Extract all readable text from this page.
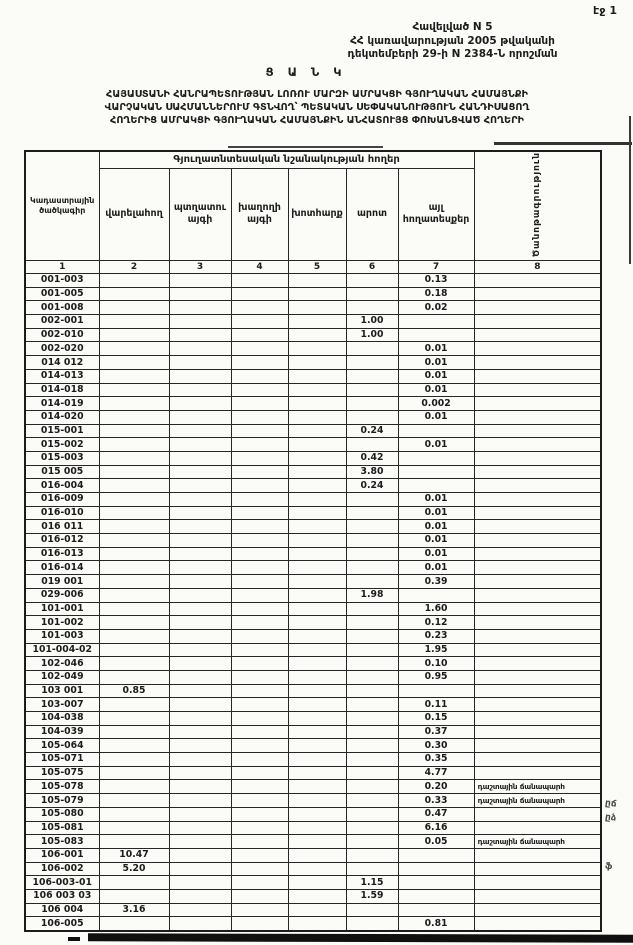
էջ 1
Հավելված N 5
ՀՀ կառավարության 2005 թվականի
դեկտեմբերի 29-ի N 2384-Ն որոշման
Ց Ա Ն Կ
ՀԱՅԱՍՏԱՆԻ ՀԱՆՐԱՊԵՏՈՒԹՅԱՆ ԼՈՌՈՒ ՄԱՐԶԻ ԱՄՐԱԿՑԻ ԳՅՈՒՂԱԿԱՆ ՀԱՄԱՅՆՔԻ
ՎԱՐՉԱԿԱՆ ՍԱՀՄԱՆՆԵՐՈՒՄ ԳՏՆՎՈՂ՝ ՊԵՏԱԿԱՆ ՍԵՓԱԿԱՆՈՒԹՅՈՒՆ ՀԱՆԴԻՍԱՑՈՂ
ՀՈՂԵՐԻՑ ԱՄՐԱԿՑԻ ԳՅՈՒՂԱԿԱՆ ՀԱՄԱՅՆՔԻՆ ԱՆՀԱՏՈՒՅՑ ՓՈԽԱՆՑՎԱԾ ՀՈՂԵՐԻ
Կադաստրային ծածկագիր	Գյուղատնտեսական նշանակության հողեր						Ծանոթագրություն
	վարելահող	պտղատու այգի	խաղողի այգի	խոտհարք	արոտ	այլ հողատեսքեր	
1	2	3	4	5	6	7	8
001-003						0.13	
001-005						0.18	
001-008						0.02	
002-001					1.00		
002-010					1.00		
002-020						0.01	
014 012						0.01	
014-013						0.01	
014-018						0.01	
014-019						0.002	
014-020						0.01	
015-001					0.24		
015-002						0.01	
015-003					0.42		
015 005					3.80		
016-004					0.24		
016-009						0.01	
016-010						0.01	
016 011						0.01	
016-012						0.01	
016-013						0.01	
016-014						0.01	
019 001						0.39	
029-006					1.98		
101-001						1.60	
101-002						0.12	
101-003						0.23	
101-004-02						1.95	
102-046						0.10	
102-049						0.95	
103 001	0.85						
103-007						0.11	
104-038						0.15	
104-039						0.37	
105-064						0.30	
105-071						0.35	
105-075						4.77	
105-078						0.20	դաշտային ճանապարհ
105-079						0.33	դաշտային ճանապարհ
105-080						0.47	
105-081						6.16	
105-083						0.05	դաշտային ճանապարհ
106-001	10.47						
106-002	5.20						
106-003-01					1.15		
106 003 03					1.59		
106 004	3.16						
106-005						0.81	
ըճ
ըձ
ֆ
